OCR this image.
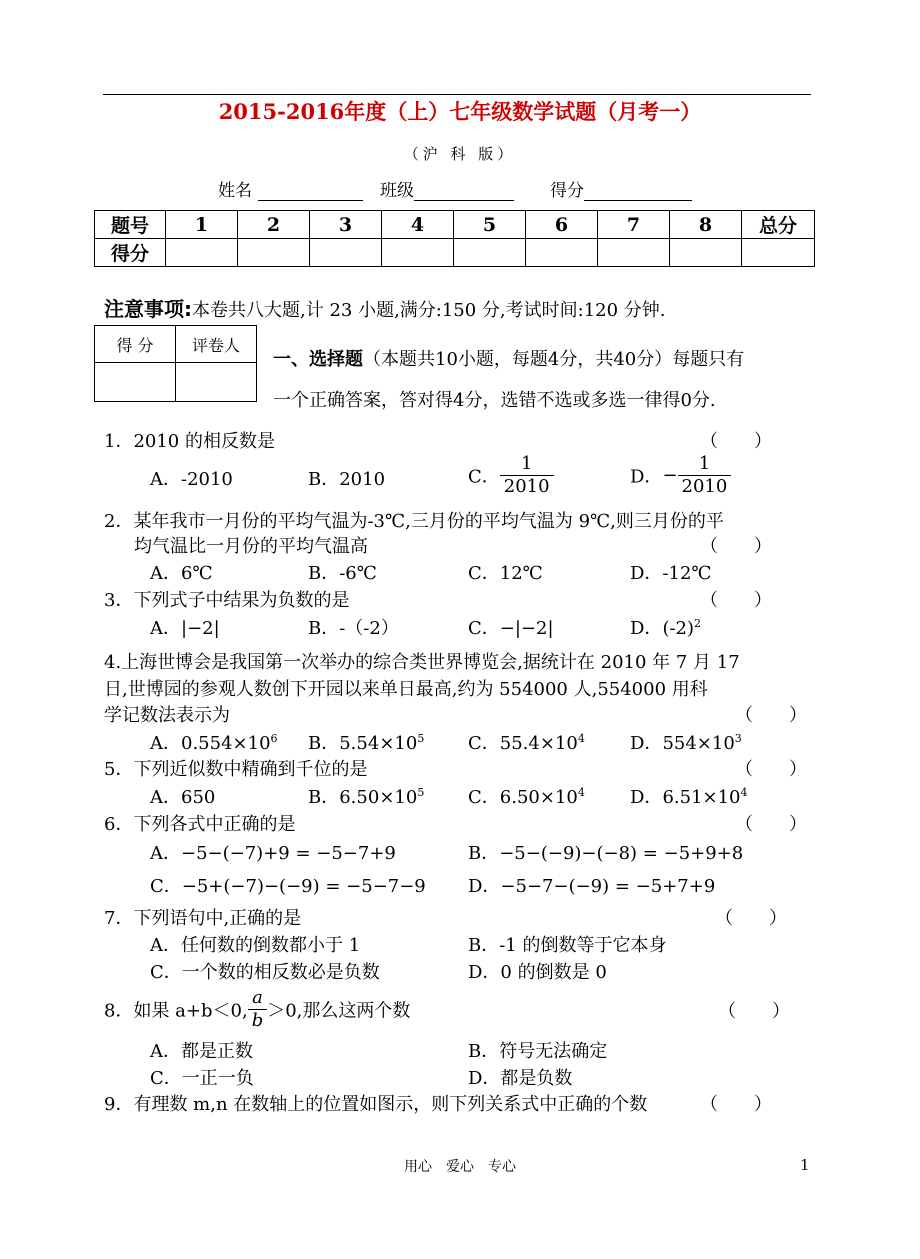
2015-2016年度（上）七年级数学试题（月考一）
（沪 科 版）
姓名	班级	得分
题号	1	2	3	4	5	6	7	8	总分
得分									
注意事项:本卷共八大题,计 23 小题,满分:150 分,考试时间:120 分钟.
得 分	评卷人

一、选择题（本题共10小题，每题4分，共40分）每题只有
一个正确答案，答对得4分，选错不选或多选一律得0分.
1．2010 的相反数是	（　　）
A．-2010	B．2010	C． $\frac{1}{2010}$	D．− $\frac{1}{2010}$
2．某年我市一月份的平均气温为-3℃,三月份的平均气温为 9℃,则三月份的平
均气温比一月份的平均气温高	（　　）
A．6℃	B．-6℃	C．12℃	D．-12℃
3．下列式子中结果为负数的是	（　　）
A．|−2|	B．-（-2）	C．−|−2|	D．$(-2)^2$
4.上海世博会是我国第一次举办的综合类世界博览会,据统计在 2010 年 7 月 17
日,世博园的参观人数创下开园以来单日最高,约为 554000 人,554000 用科
学记数法表示为	（　　）
A．$0.554\times 10^6$ B．$5.54\times 10^5$ C．$55.4\times 10^4$	D．$554\times 10^3$
5．下列近似数中精确到千位的是	（　　）
A．650	B．$6.50\times 10^5$ C．$6.50\times 10^4$	D．$6.51\times 10^4$
6．下列各式中正确的是	（　　）
A．−5−(−7)+9 = −5−7+9	B．−5−(−9)−(−8) = −5+9+8
C．−5+(−7)−(−9) = −5−7−9 D．−5−7−(−9) = −5+7+9
7．下列语句中,正确的是	（　　）
A．任何数的倒数都小于 1	B．-1 的倒数等于它本身
C．一个数的相反数必是负数	D．0 的倒数是 0
8．如果 a+b＜0, $\frac{a}{b} >0$,那么这两个数	（　　）
A．都是正数	B．符号无法确定
C．一正一负	D．都是负数
9．有理数 m,n 在数轴上的位置如图示，则下列关系式中正确的个数	（　　）
用心　爱心　专心	1
